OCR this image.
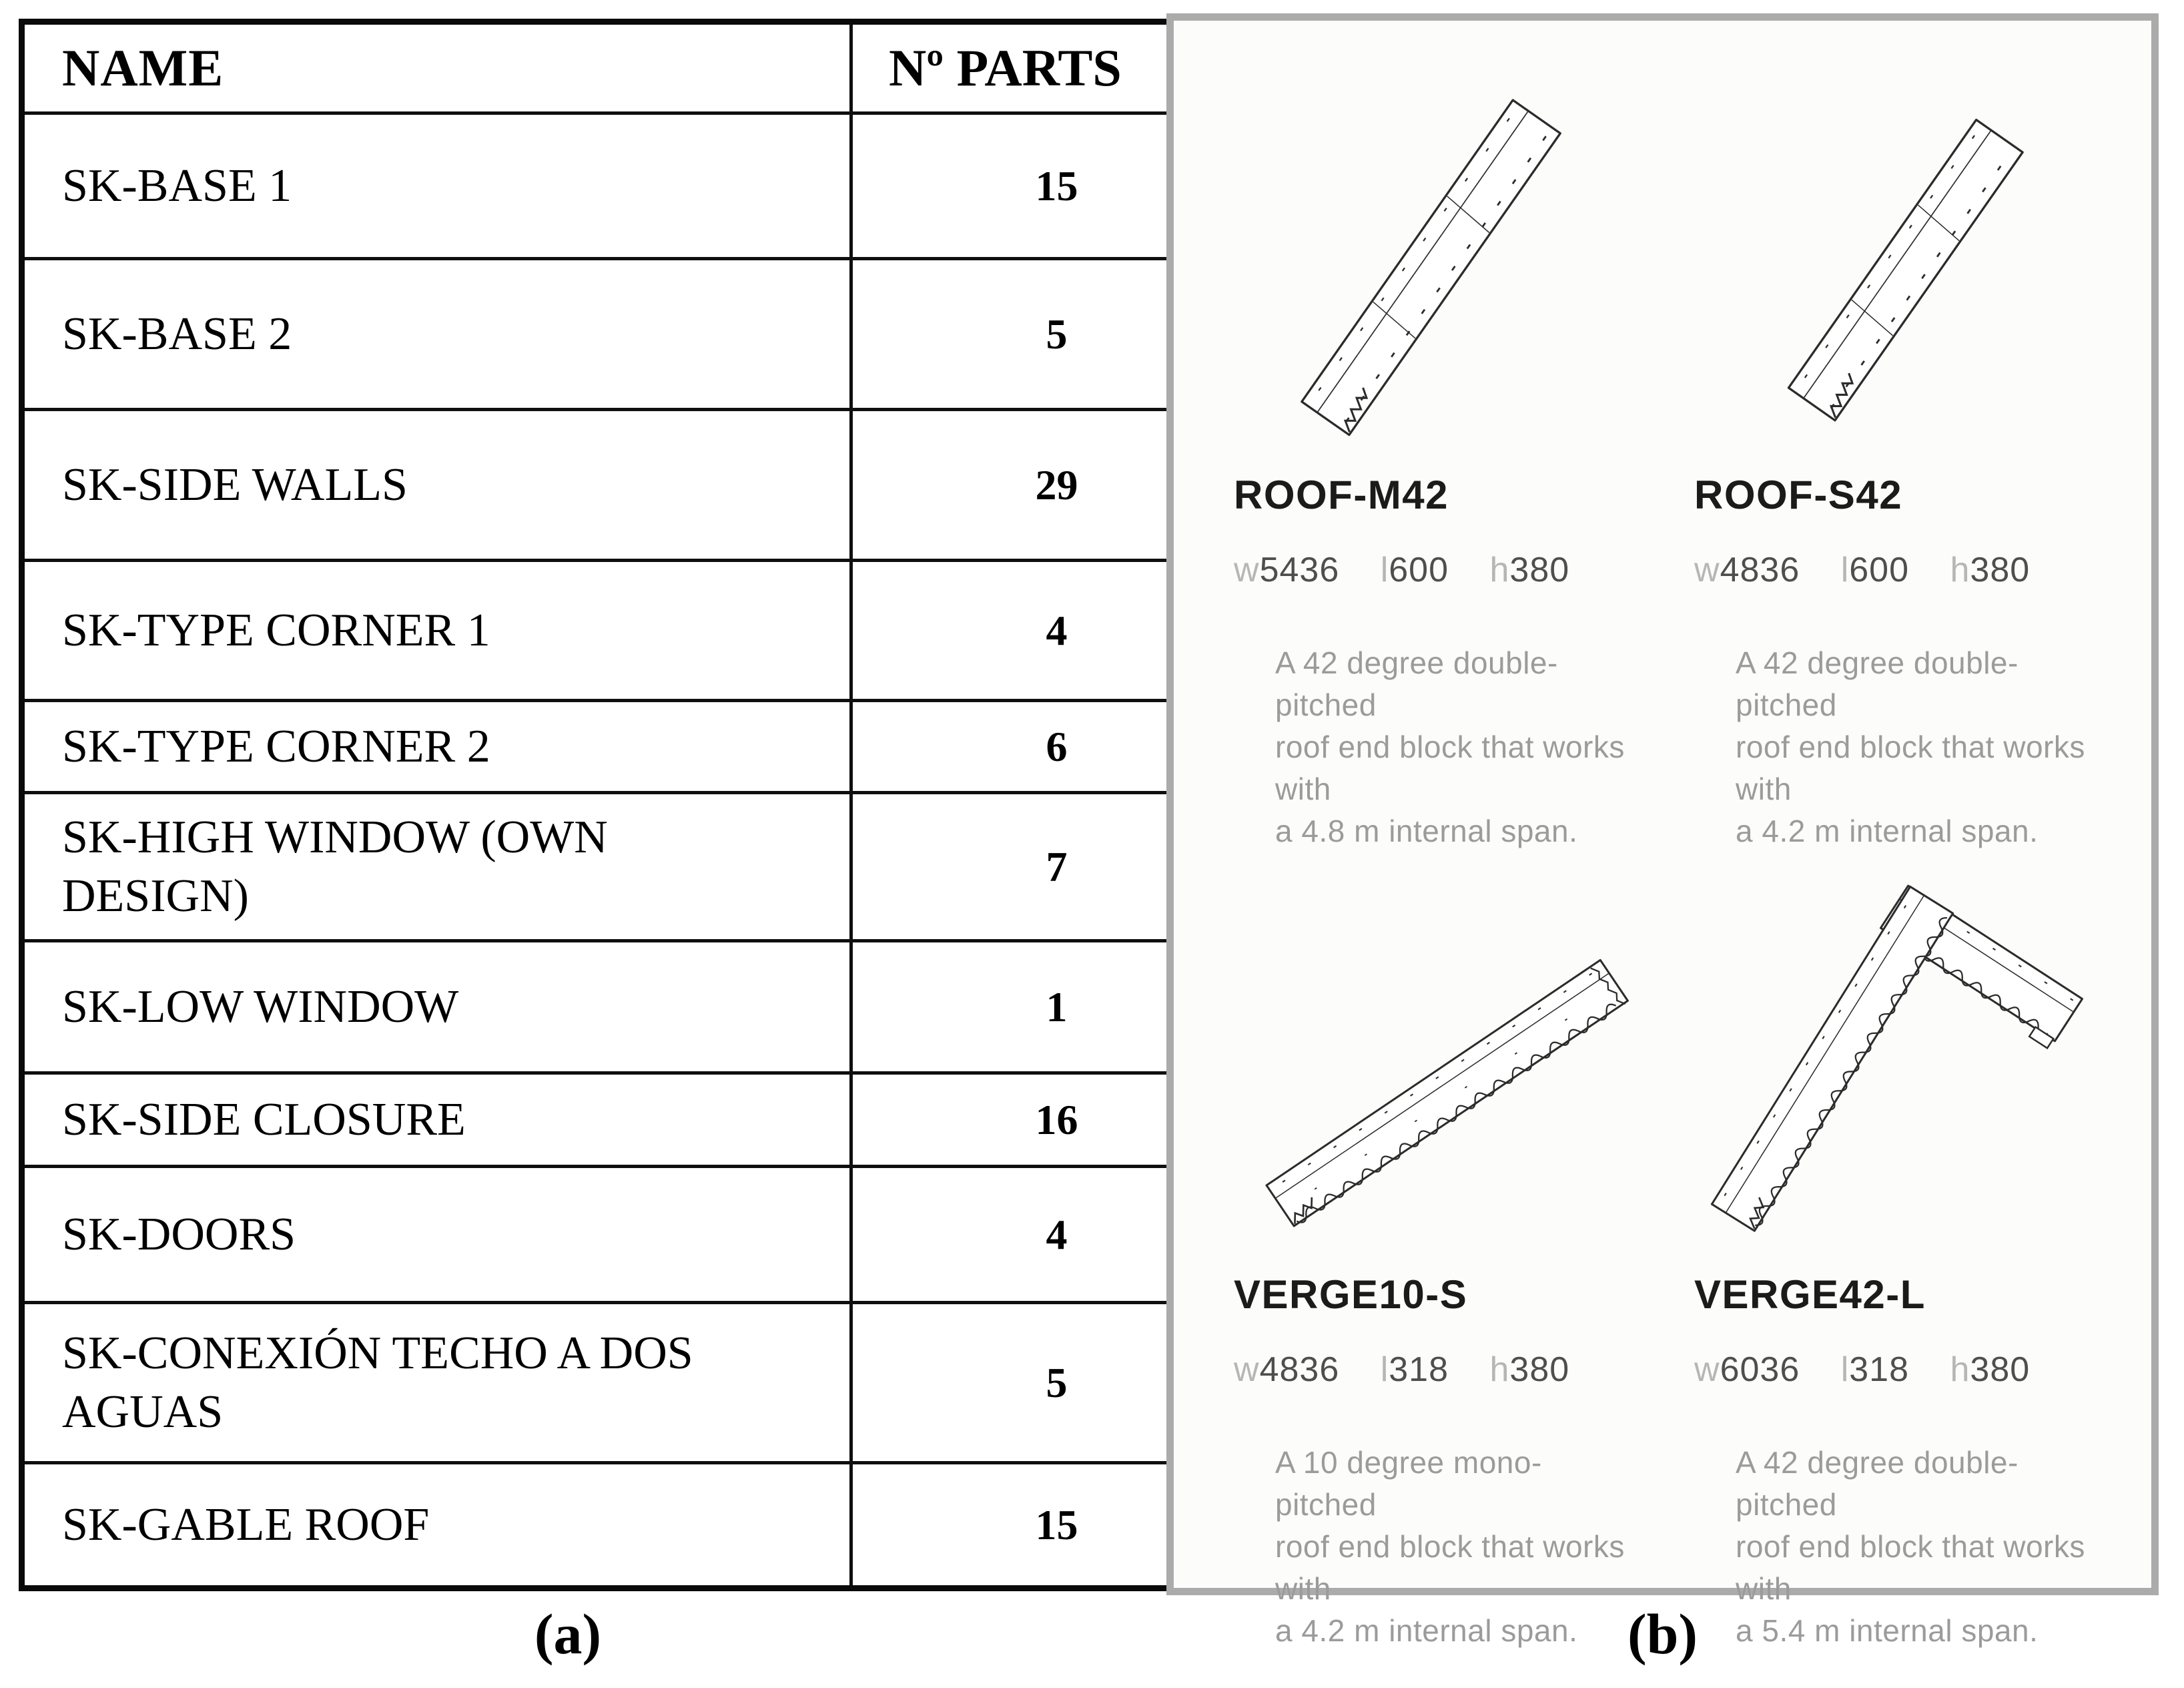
NAME	Nº PARTS
SK-BASE 1	15
SK-BASE 2	5
SK-SIDE WALLS	29
SK-TYPE CORNER 1	4
SK-TYPE CORNER 2	6
SK-HIGH WINDOW (OWN DESIGN)	7
SK-LOW WINDOW	1
SK-SIDE CLOSURE	16
SK-DOORS	4
SK-CONEXIÓN TECHO A DOS AGUAS	5
SK-GABLE ROOF	15
(a)
ROOF-M42
w5436 l600 h380
A 42 degree double-pitched
roof end block that works with
a 4.8 m internal span.
ROOF-S42
w4836 l600 h380
A 42 degree double-pitched
roof end block that works with
a 4.2 m internal span.
VERGE10-S
w4836 l318 h380
A 10 degree mono-pitched
roof end block that works with
a 4.2 m internal span.
VERGE42-L
w6036 l318 h380
A 42 degree double-pitched
roof end block that works with
a 5.4 m internal span.
(b)
